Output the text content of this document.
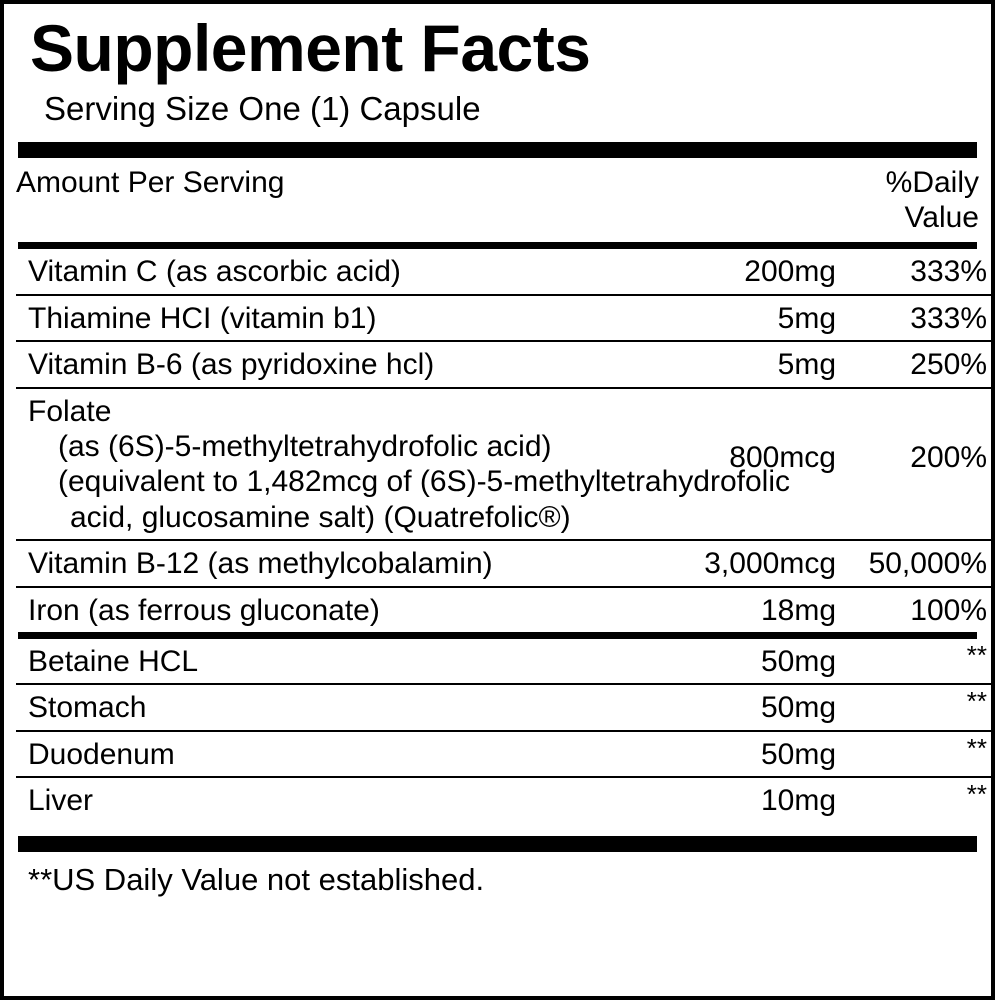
Supplement Facts
Serving Size One (1) Capsule
Amount Per Serving		%Daily Value
Vitamin C (as ascorbic acid)	200mg	333%
Thiamine HCI (vitamin b1)	5mg	333%
Vitamin B-6 (as pyridoxine hcl)	5mg	250%
Folate
(as (6S)-5-methyltetrahydrofolic acid)
(equivalent to 1,482mcg of (6S)-5-methyltetrahydrofolic
acid, glucosamine salt) (Quatrefolic®)	800mcg	200%
Vitamin B-12 (as methylcobalamin)	3,000mcg	50,000%
Iron (as ferrous gluconate)	18mg	100%
Betaine HCL	50mg	**
Stomach	50mg	**
Duodenum	50mg	**
Liver	10mg	**
**US Daily Value not established.
